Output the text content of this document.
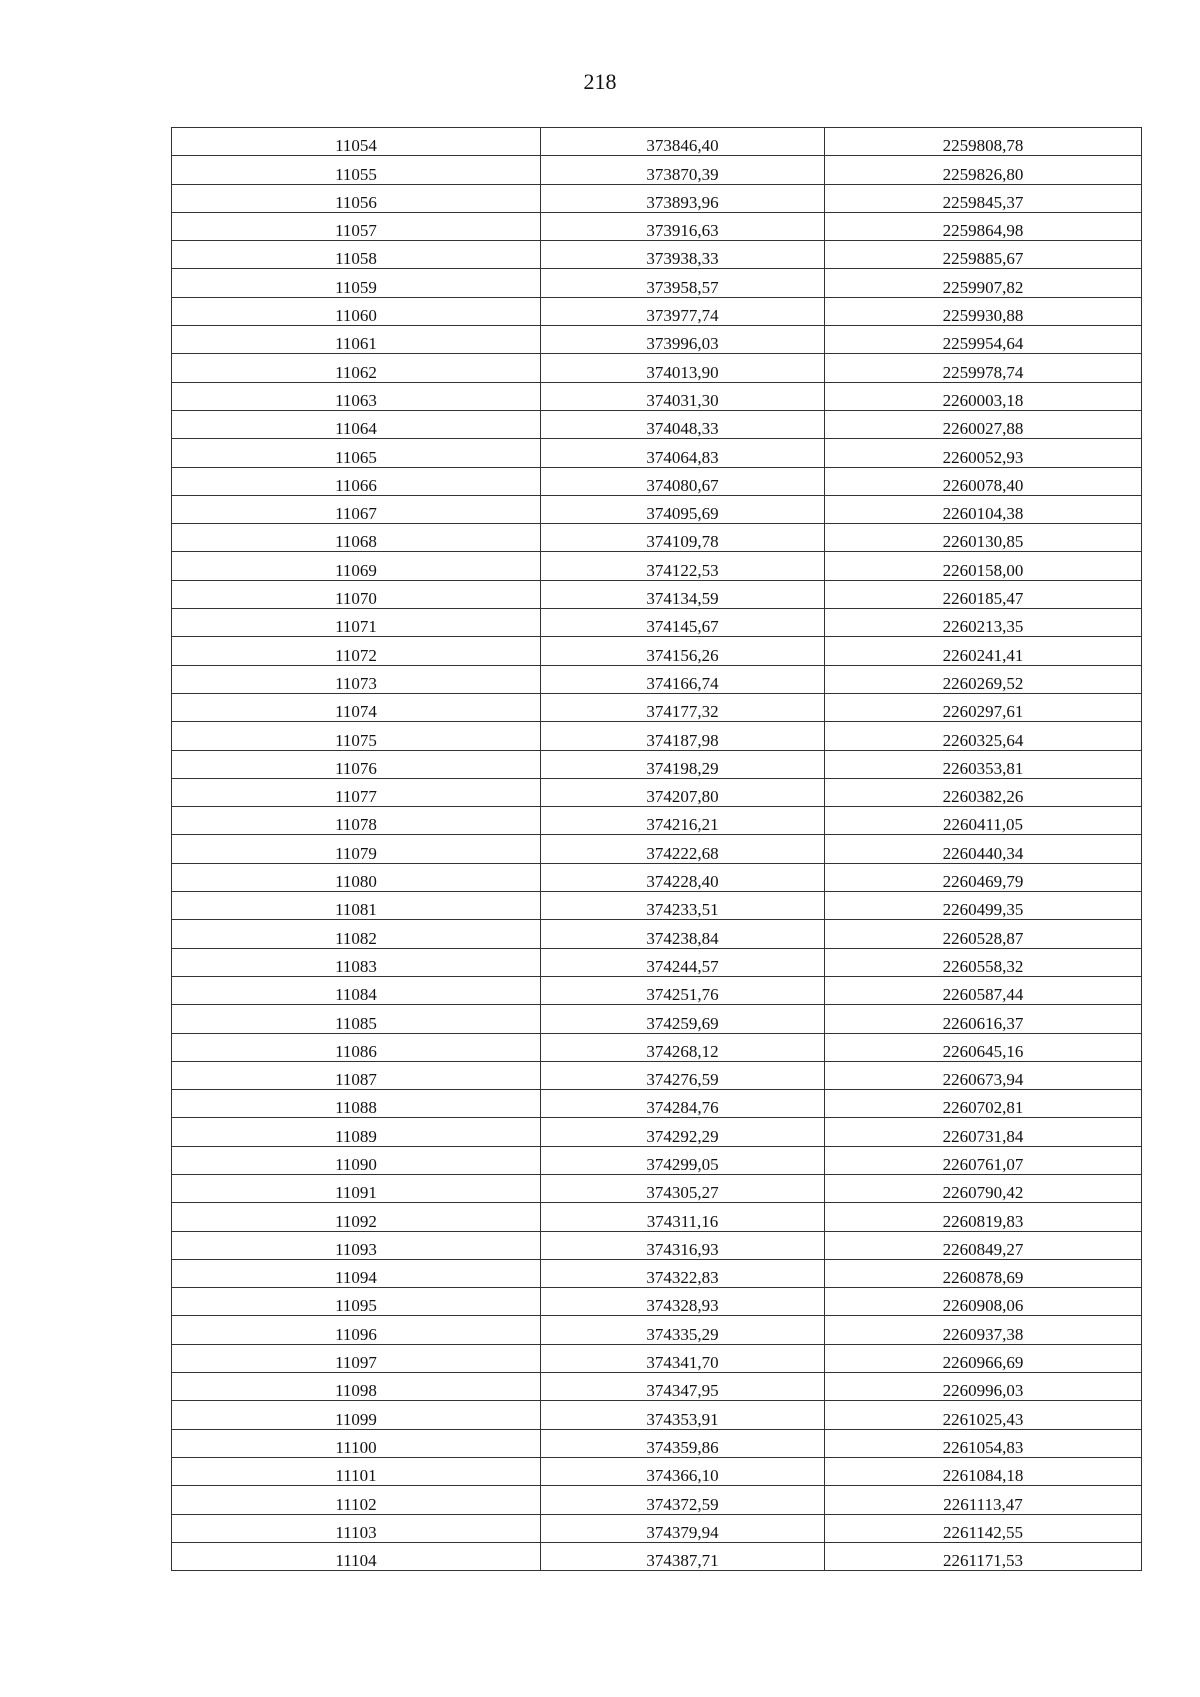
218
11054	373846,40	2259808,78
11055	373870,39	2259826,80
11056	373893,96	2259845,37
11057	373916,63	2259864,98
11058	373938,33	2259885,67
11059	373958,57	2259907,82
11060	373977,74	2259930,88
11061	373996,03	2259954,64
11062	374013,90	2259978,74
11063	374031,30	2260003,18
11064	374048,33	2260027,88
11065	374064,83	2260052,93
11066	374080,67	2260078,40
11067	374095,69	2260104,38
11068	374109,78	2260130,85
11069	374122,53	2260158,00
11070	374134,59	2260185,47
11071	374145,67	2260213,35
11072	374156,26	2260241,41
11073	374166,74	2260269,52
11074	374177,32	2260297,61
11075	374187,98	2260325,64
11076	374198,29	2260353,81
11077	374207,80	2260382,26
11078	374216,21	2260411,05
11079	374222,68	2260440,34
11080	374228,40	2260469,79
11081	374233,51	2260499,35
11082	374238,84	2260528,87
11083	374244,57	2260558,32
11084	374251,76	2260587,44
11085	374259,69	2260616,37
11086	374268,12	2260645,16
11087	374276,59	2260673,94
11088	374284,76	2260702,81
11089	374292,29	2260731,84
11090	374299,05	2260761,07
11091	374305,27	2260790,42
11092	374311,16	2260819,83
11093	374316,93	2260849,27
11094	374322,83	2260878,69
11095	374328,93	2260908,06
11096	374335,29	2260937,38
11097	374341,70	2260966,69
11098	374347,95	2260996,03
11099	374353,91	2261025,43
11100	374359,86	2261054,83
11101	374366,10	2261084,18
11102	374372,59	2261113,47
11103	374379,94	2261142,55
11104	374387,71	2261171,53
